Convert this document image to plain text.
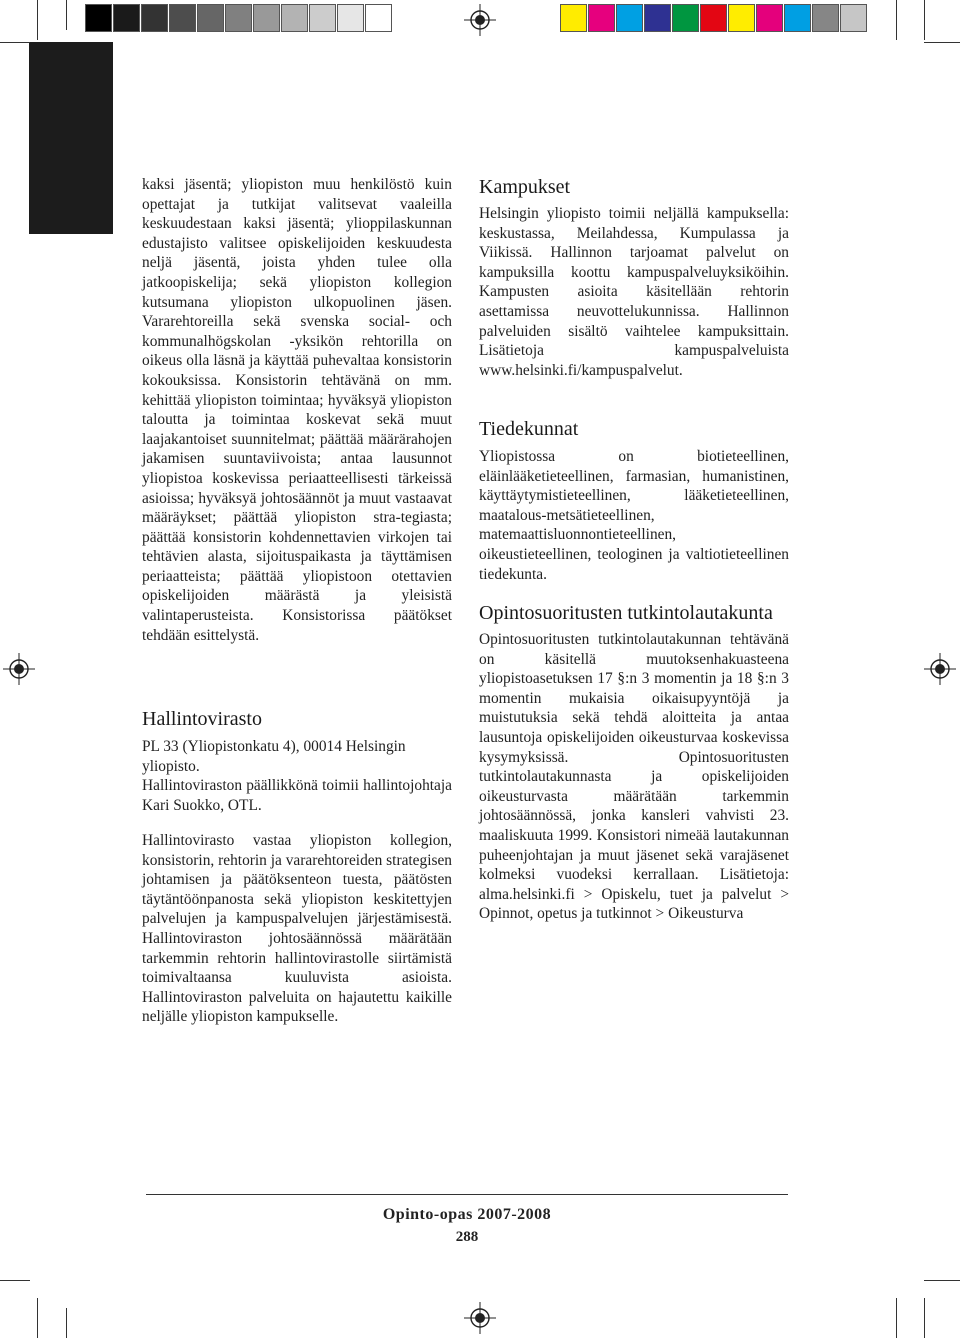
kaksi jäsentä; yliopiston muu henkilöstö kuin opettajat ja tutkijat valitsevat vaaleilla keskuudestaan kaksi jäsentä; ylioppilaskunnan edustajisto valitsee opiskelijoiden keskuudesta neljä jäsentä, joista yhden tulee olla jatkoopiskelija; sekä yliopiston kollegion kutsumana yliopiston ulkopuolinen jäsen. Vararehtoreilla sekä svenska social- och kommunalhögskolan -yksikön rehtorilla on oikeus olla läsnä ja käyttää puhevaltaa konsistorin kokouksissa. Konsistorin tehtävänä on mm. kehittää yliopiston toimintaa; hyväksyä yliopiston taloutta ja toimintaa koskevat sekä muut laajakantoiset suunnitelmat; päättää määrärahojen jakamisen suuntaviivoista; antaa lausunnot yliopistoa koskevissa periaatteellisesti tärkeissä asioissa; hyväksyä johtosäännöt ja muut vastaavat määräykset; päättää yliopiston stra-tegiasta; päättää konsistorin kohdennettavien virkojen tai tehtävien alasta, sijoituspaikasta ja täyttämisen periaatteista; päättää yliopistoon otettavien opiskelijoiden määrästä ja yleisistä valintaperusteista. Konsistorissa päätökset tehdään esittelystä.

Hallintovirasto

PL 33 (Yliopistonkatu 4), 00014 Helsingin yliopisto.

Hallintoviraston päällikkönä toimii hallintojohtaja Kari Suokko, OTL.

Hallintovirasto vastaa yliopiston kollegion, konsistorin, rehtorin ja vararehtoreiden strategisen johtamisen ja päätöksenteon tuesta, päätösten täytäntöönpanosta sekä yliopiston keskitettyjen palvelujen ja kampuspalvelujen järjestämisestä. Hallintoviraston johtosäännössä määrätään tarkemmin rehtorin hallintovirastolle siirtämistä toimivaltaansa kuuluvista asioista. Hallintoviraston palveluita on hajautettu kaikille neljälle yliopiston kampukselle.

Kampukset

Helsingin yliopisto toimii neljällä kampuksella: keskustassa, Meilahdessa, Kumpulassa ja Viikissä. Hallinnon tarjoamat palvelut on kampuksilla koottu kampuspalveluyksiköihin. Kampusten asioita käsitellään rehtorin asettamissa neuvottelukunnissa. Hallinnon palveluiden sisältö vaihtelee kampuksittain. Lisätietoja kampuspalveluista www.helsinki.fi/kampuspalvelut.

Tiedekunnat

Yliopistossa on biotieteellinen, eläinlääketieteellinen, farmasian, humanistinen, käyttäytymistieteellinen, lääketieteellinen, maatalous-metsätieteellinen, matemaattisluonnontieteellinen, oikeustieteellinen, teologinen ja valtiotieteellinen tiedekunta.

Opintosuoritusten tutkintolautakunta

Opintosuoritusten tutkintolautakunnan tehtävänä on käsitellä muutoksenhakuasteena yliopistoasetuksen 17 §:n 3 momentin ja 18 §:n 3 momentin mukaisia oikaisupyyntöjä ja muistutuksia sekä tehdä aloitteita ja antaa lausuntoja opiskelijoiden oikeusturvaa koskevissa kysymyksissä. Opintosuoritusten tutkintolautakunnasta ja opiskelijoiden oikeusturvasta määrätään tarkemmin johtosäännössä, jonka kansleri vahvisti 23. maaliskuuta 1999. Konsistori nimeää lautakunnan puheenjohtajan ja muut jäsenet sekä varajäsenet kolmeksi vuodeksi kerrallaan. Lisätietoja: alma.helsinki.fi > Opiskelu, tuet ja palvelut > Opinnot, opetus ja tutkinnot > Oikeusturva

Opinto-opas 2007-2008
288
